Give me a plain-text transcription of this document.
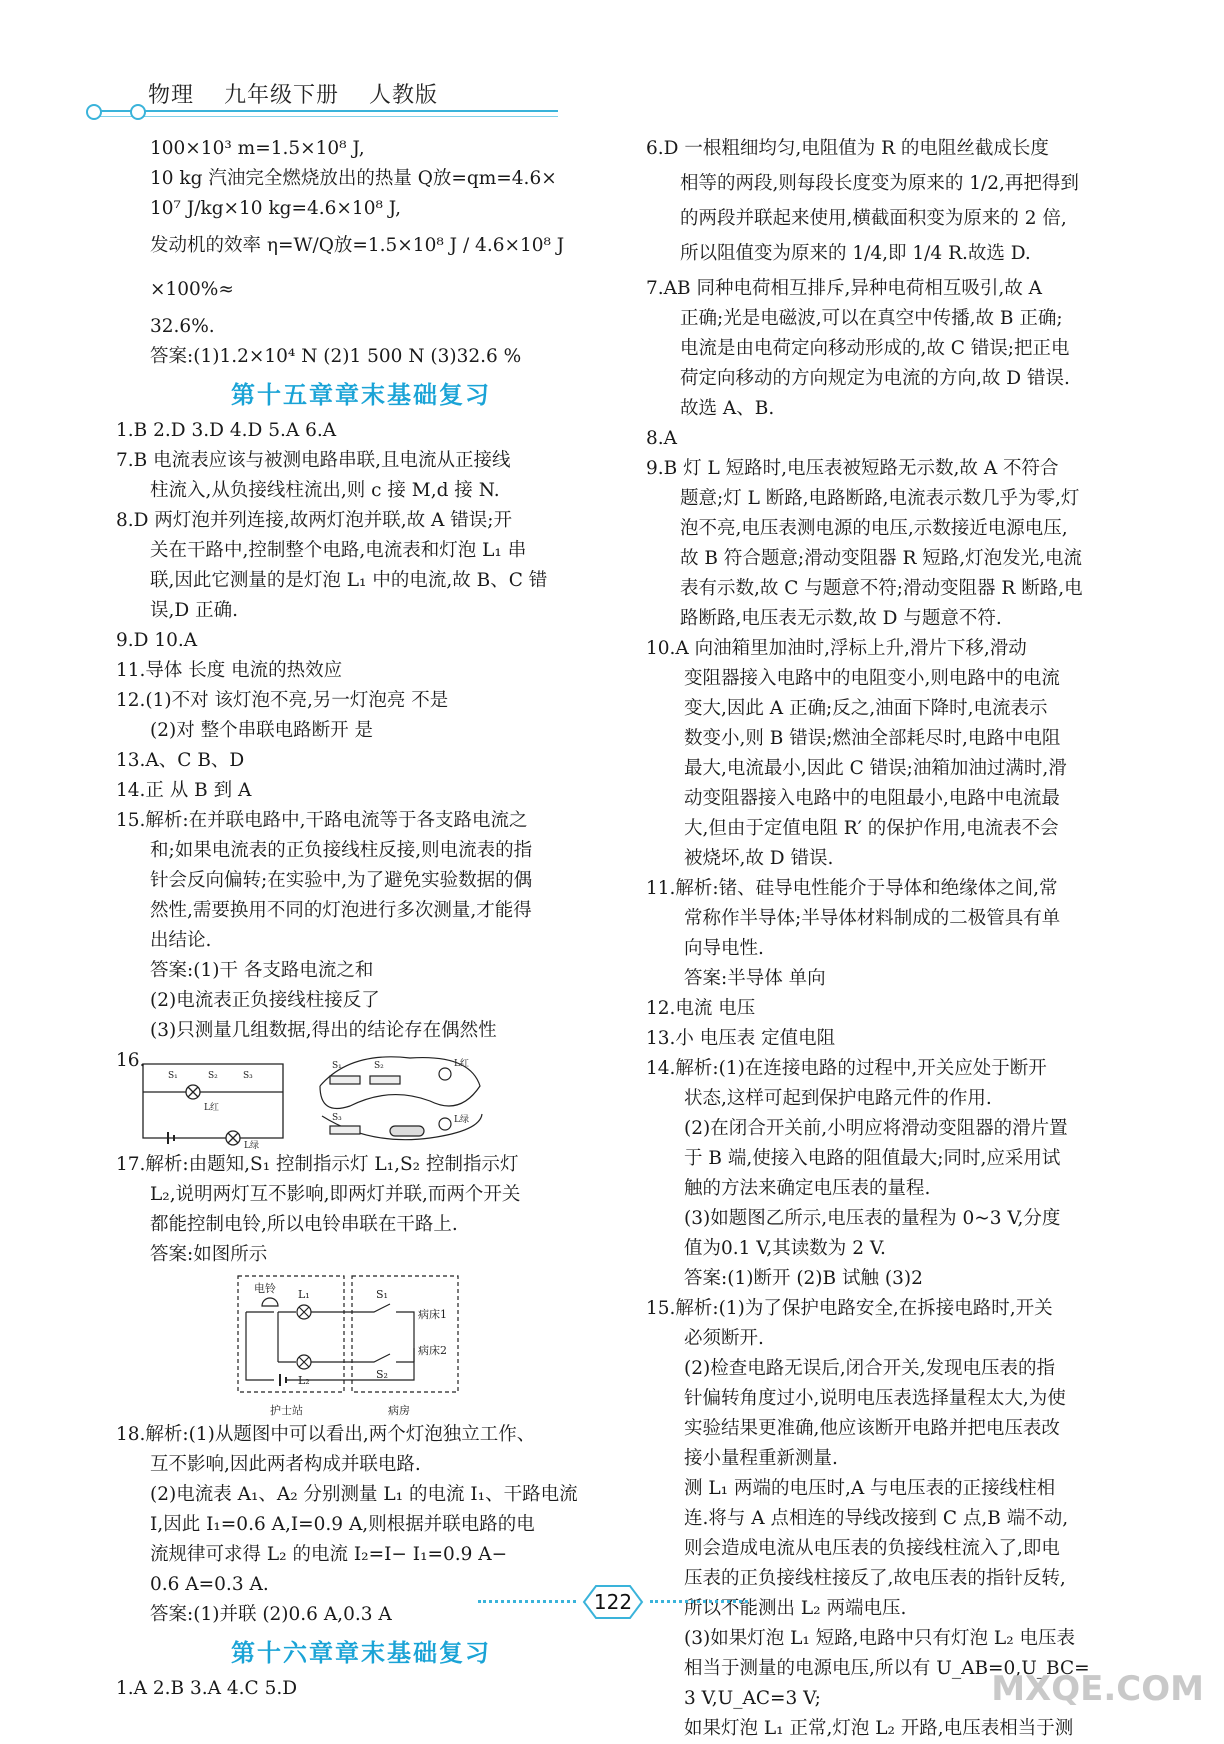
物理 九年级下册 人教版

100×10³ m=1.5×10⁸ J,

10 kg 汽油完全燃烧放出的热量 Q放=qm=4.6×

10⁷ J/kg×10 kg=4.6×10⁸ J,

发动机的效率 η=W/Q放=1.5×10⁸ J / 4.6×10⁸ J ×100%≈

32.6%.

答案:(1)1.2×10⁴ N (2)1 500 N (3)32.6 %

第十五章章末基础复习

1.B 2.D 3.D 4.D 5.A 6.A

7.B 电流表应该与被测电路串联,且电流从正接线

柱流入,从负接线柱流出,则 c 接 M,d 接 N.

8.D 两灯泡并列连接,故两灯泡并联,故 A 错误;开

关在干路中,控制整个电路,电流表和灯泡 L₁ 串

联,因此它测量的是灯泡 L₁ 中的电流,故 B、C 错

误,D 正确.

9.D 10.A

11.导体 长度 电流的热效应

12.(1)不对 该灯泡不亮,另一灯泡亮 不是

(2)对 整个串联电路断开 是

13.A、C B、D

14.正 从 B 到 A

15.解析:在并联电路中,干路电流等于各支路电流之

和;如果电流表的正负接线柱反接,则电流表的指

针会反向偏转;在实验中,为了避免实验数据的偶

然性,需要换用不同的灯泡进行多次测量,才能得

出结论.

答案:(1)干 各支路电流之和

(2)电流表正负接线柱接反了

(3)只测量几组数据,得出的结论存在偶然性

16.
S₁	S₂	S₃
L红
L绿
S₁	S₂
S₃
L红
L绿

17.解析:由题知,S₁ 控制指示灯 L₁,S₂ 控制指示灯

L₂,说明两灯互不影响,即两灯并联,而两个开关

都能控制电铃,所以电铃串联在干路上.

答案:如图所示

电铃 L₁
L₂
S₁
S₂
病床1
病床2
护士站	病房

18.解析:(1)从题图中可以看出,两个灯泡独立工作、

互不影响,因此两者构成并联电路.

(2)电流表 A₁、A₂ 分别测量 L₁ 的电流 I₁、干路电流

I,因此 I₁=0.6 A,I=0.9 A,则根据并联电路的电

流规律可求得 L₂ 的电流 I₂=I− I₁=0.9 A−

0.6 A=0.3 A.

答案:(1)并联 (2)0.6 A,0.3 A

第十六章章末基础复习

1.A 2.B 3.A 4.C 5.D

6.D 一根粗细均匀,电阻值为 R 的电阻丝截成长度

相等的两段,则每段长度变为原来的 1/2,再把得到

的两段并联起来使用,横截面积变为原来的 2 倍,

所以阻值变为原来的 1/4,即 1/4 R.故选 D.

7.AB 同种电荷相互排斥,异种电荷相互吸引,故 A

正确;光是电磁波,可以在真空中传播,故 B 正确;

电流是由电荷定向移动形成的,故 C 错误;把正电

荷定向移动的方向规定为电流的方向,故 D 错误.

故选 A、B.

8.A

9.B 灯 L 短路时,电压表被短路无示数,故 A 不符合

题意;灯 L 断路,电路断路,电流表示数几乎为零,灯

泡不亮,电压表测电源的电压,示数接近电源电压,

故 B 符合题意;滑动变阻器 R 短路,灯泡发光,电流

表有示数,故 C 与题意不符;滑动变阻器 R 断路,电

路断路,电压表无示数,故 D 与题意不符.

10.A 向油箱里加油时,浮标上升,滑片下移,滑动

变阻器接入电路中的电阻变小,则电路中的电流

变大,因此 A 正确;反之,油面下降时,电流表示

数变小,则 B 错误;燃油全部耗尽时,电路中电阻

最大,电流最小,因此 C 错误;油箱加油过满时,滑

动变阻器接入电路中的电阻最小,电路中电流最

大,但由于定值电阻 R′ 的保护作用,电流表不会

被烧坏,故 D 错误.

11.解析:锗、硅导电性能介于导体和绝缘体之间,常

常称作半导体;半导体材料制成的二极管具有单

向导电性.

答案:半导体 单向

12.电流 电压

13.小 电压表 定值电阻

14.解析:(1)在连接电路的过程中,开关应处于断开

状态,这样可起到保护电路元件的作用.

(2)在闭合开关前,小明应将滑动变阻器的滑片置

于 B 端,使接入电路的阻值最大;同时,应采用试

触的方法来确定电压表的量程.

(3)如题图乙所示,电压表的量程为 0~3 V,分度

值为0.1 V,其读数为 2 V.

答案:(1)断开 (2)B 试触 (3)2

15.解析:(1)为了保护电路安全,在拆接电路时,开关

必须断开.

(2)检查电路无误后,闭合开关,发现电压表的指

针偏转角度过小,说明电压表选择量程太大,为使

实验结果更准确,他应该断开电路并把电压表改

接小量程重新测量.

测 L₁ 两端的电压时,A 与电压表的正接线柱相

连.将与 A 点相连的导线改接到 C 点,B 端不动,

则会造成电流从电压表的负接线柱流入了,即电

压表的正负接线柱接反了,故电压表的指针反转,

所以不能测出 L₂ 两端电压.

(3)如果灯泡 L₁ 短路,电路中只有灯泡 L₂ 电压表

相当于测量的电源电压,所以有 U_AB=0,U_BC=

3 V,U_AC=3 V;

如果灯泡 L₁ 正常,灯泡 L₂ 开路,电压表相当于测

122
MXQE.COM
